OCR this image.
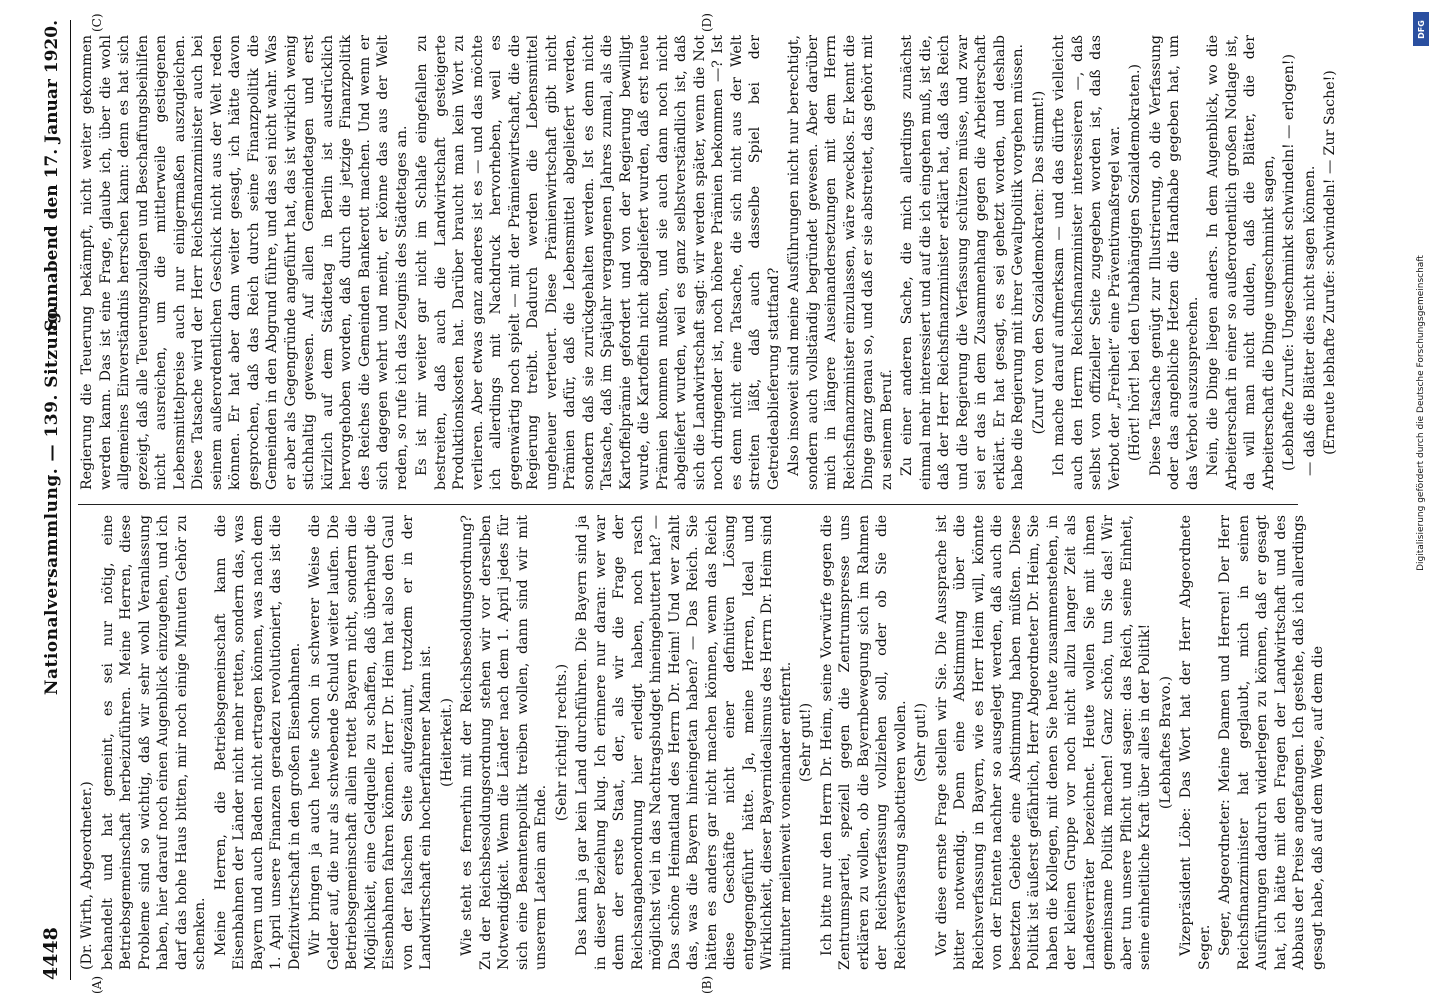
4448
Nationalversammlung. — 139. Sitzung.
Sonnabend den 17. Januar 1920.
(A)	(B)
(C)	(D)

(Dr. Wirth, Abgeordneter.) behandelt und hat gemeint, es sei nur nötig, eine Betriebsgemeinschaft herbeizuführen. Meine Herren, diese Probleme sind so wichtig, daß wir sehr wohl Veranlassung haben, hier darauf noch einen Augenblick einzugehen, und ich darf das hohe Haus bitten, mir noch einige Minuten Gehör zu schenken. Meine Herren, die Betriebsgemeinschaft kann die Eisenbahnen der Länder nicht mehr retten, sondern das, was Bayern und auch Baden nicht ertragen können, was nach dem 1. April unsere Finanzen geradezu revolutioniert, das ist die Defizitwirtschaft in den großen Eisenbahnen. Wir bringen ja auch heute schon in schwerer Weise die Gelder auf, die nur als schwebende Schuld weiter laufen. Die Betriebsgemeinschaft allein rettet Bayern nicht, sondern die Möglichkeit, eine Geldquelle zu schaffen, daß überhaupt die Eisenbahnen fahren können. Herr Dr. Heim hat also den Gaul von der falschen Seite aufgezäumt, trotzdem er in der Landwirtschaft ein hocherfahrener Mann ist. (Heiterkeit.) Wie steht es fernerhin mit der Reichsbesoldungsordnung? Zu der Reichsbesoldungsordnung stehen wir vor derselben Notwendigkeit. Wenn die Länder nach dem 1. April jedes für sich eine Beamtenpolitik treiben wollen, dann sind wir mit unserem Latein am Ende.

(Sehr richtig! rechts.) Das kann ja gar kein Land durchführen. Die Bayern sind ja in dieser Beziehung klug. Ich erinnere nur daran: wer war denn der erste Staat, der, als wir die Frage der Reichsangabenordnung hier erledigt haben, noch rasch möglichst viel in das Nachtragsbudget hineingebuttert hat? — Das schöne Heimatland des Herrn Dr. Heim! Und wer zahlt das, was die Bayern hineingetan haben? — Das Reich. Sie hätten es anders gar nicht machen können, wenn das Reich diese Geschäfte nicht einer definitiven Lösung entgegengeführt hätte. Ja, meine Herren, Ideal und Wirklichkeit, dieser Bayernidealismus des Herrn Dr. Heim sind mitunter meilenweit voneinander entfernt. (Sehr gut!) Ich bitte nur den Herrn Dr. Heim, seine Vorwürfe gegen die Zentrumspartei, speziell gegen die Zentrumspresse uns erklären zu wollen, ob die Bayernbewegung sich im Rahmen der Reichsverfassung vollziehen soll, oder ob Sie die Reichsverfassung sabottieren wollen. (Sehr gut!) Vor diese ernste Frage stellen wir Sie. Die Aussprache ist bitter notwendig. Denn eine Abstimmung über die Reichsverfassung in Bayern, wie es Herr Heim will, könnte von der Entente nachher so ausgelegt werden, daß auch die besetzten Gebiete eine Abstimmung haben müßten. Diese Politik ist äußerst gefährlich, Herr Abgeordneter Dr. Heim, Sie haben die Kollegen, mit denen Sie heute zusammenstehen, in der kleinen Gruppe vor noch nicht allzu langer Zeit als Landesverräter bezeichnet. Heute wollen Sie mit ihnen gemeinsame Politik machen! Ganz schön, tun Sie das! Wir aber tun unsere Pflicht und sagen: das Reich, seine Einheit, seine einheitliche Kraft über alles in der Politik! (Lebhaftes Bravo.) Vizepräsident Löbe: Das Wort hat der Herr Abgeordnete Seger. Seger, Abgeordneter: Meine Damen und Herren! Der Herr Reichsfinanzminister hat geglaubt, mich in seinen Ausführungen dadurch widerlegen zu können, daß er gesagt hat, ich hätte mit den Fragen der Landwirtschaft und des Abbaus der Preise angefangen. Ich gestehe, daß ich allerdings gesagt habe, daß auf dem Wege, auf dem die

Regierung die Teuerung bekämpft, nicht weiter gekommen werden kann. Das ist eine Frage, glaube ich, über die wohl allgemeines Einverständnis herrschen kann: denn es hat sich gezeigt, daß alle Teuerungszulagen und Beschaffungsbeihilfen nicht ausreichen, um die mittlerweile gestiegenen Lebensmittelpreise auch nur einigermaßen auszugleichen. Diese Tatsache wird der Herr Reichsfinanzminister auch bei seinem außerordentlichen Geschick nicht aus der Welt reden können. Er hat aber dann weiter gesagt, ich hätte davon gesprochen, daß das Reich durch seine Finanzpolitik die Gemeinden in den Abgrund führe, und das sei nicht wahr. Was er aber als Gegengründe angeführt hat, das ist wirklich wenig stichhaltig gewesen. Auf allen Gemeindetagen und erst kürzlich auf dem Städtetag in Berlin ist ausdrücklich hervorgehoben worden, daß durch die jetzige Finanzpolitik des Reiches die Gemeinden Bankerott machen. Und wenn er sich dagegen wehrt und meint, er könne das aus der Welt reden, so rufe ich das Zeugnis des Städtetages an. Es ist mir weiter gar nicht im Schlafe eingefallen zu bestreiten, daß auch die Landwirtschaft gesteigerte Produktionskosten hat. Darüber braucht man kein Wort zu verlieren. Aber etwas ganz anderes ist es — und das möchte ich allerdings mit Nachdruck hervorheben, weil es gegenwärtig noch spielt — mit der Prämienwirtschaft, die die Regierung treibt. Dadurch werden die Lebensmittel ungeheuer verteuert. Diese Prämienwirtschaft gibt nicht Prämien dafür, daß die Lebensmittel abgeliefert werden, sondern daß sie zurückgehalten werden. Ist es denn nicht Tatsache, daß im Spätjahr vergangenen Jahres zumal, als die Kartoffelprämie gefordert und von der Regierung bewilligt wurde, die Kartoffeln nicht abgeliefert wurden, daß erst neue Prämien kommen mußten, und sie auch dann noch nicht abgeliefert wurden, weil es ganz selbstverständlich ist, daß sich die Landwirtschaft sagt: wir werden später, wenn die Not noch dringender ist, noch höhere Prämien bekommen —? Ist es denn nicht eine Tatsache, die sich nicht aus der Welt streiten läßt, daß auch dasselbe Spiel bei der Getreideablieferung stattfand? Also insoweit sind meine Ausführungen nicht nur berechtigt, sondern auch vollständig begründet gewesen. Aber darüber mich in längere Auseinandersetzungen mit dem Herrn Reichsfinanzminister einzulassen, wäre zwecklos. Er kennt die Dinge ganz genau so, und daß er sie abstreitet, das gehört mit zu seinem Beruf. Zu einer anderen Sache, die mich allerdings zunächst einmal mehr interessiert und auf die ich eingehen muß, ist die, daß der Herr Reichsfinanzminister erklärt hat, daß das Reich und die Regierung die Verfassung schützen müsse, und zwar sei er das in dem Zusammenhang gegen die Arbeiterschaft erklärt. Er hat gesagt, es sei gehetzt worden, und deshalb habe die Regierung mit ihrer Gewaltpolitik vorgehen müssen. (Zuruf von den Sozialdemokraten: Das stimmt!) Ich mache darauf aufmerksam — und das dürfte vielleicht auch den Herrn Reichsfinanzminister interessieren —, daß selbst von offizieller Seite zugegeben worden ist, daß das Verbot der „Freiheit“ eine Präventivmaßregel war. (Hört! hört! bei den Unabhängigen Sozialdemokraten.) Diese Tatsache genügt zur Illustrierung, ob die Verfassung oder das angebliche Hetzen die Handhabe gegeben hat, um das Verbot auszusprechen. Nein, die Dinge liegen anders. In dem Augenblick, wo die Arbeiterschaft in einer so außerordentlich großen Notlage ist, da will man nicht dulden, daß die Blätter, die der Arbeiterschaft die Dinge ungeschminkt sagen, (Lebhafte Zurufe: Ungeschminkt schwindeln! — erlogen!) — daß die Blätter dies nicht sagen können. (Erneute lebhafte Zurufe: schwindeln! — Zur Sache!)

DFG
Digitalisierung gefördert durch die Deutsche Forschungsgemeinschaft
